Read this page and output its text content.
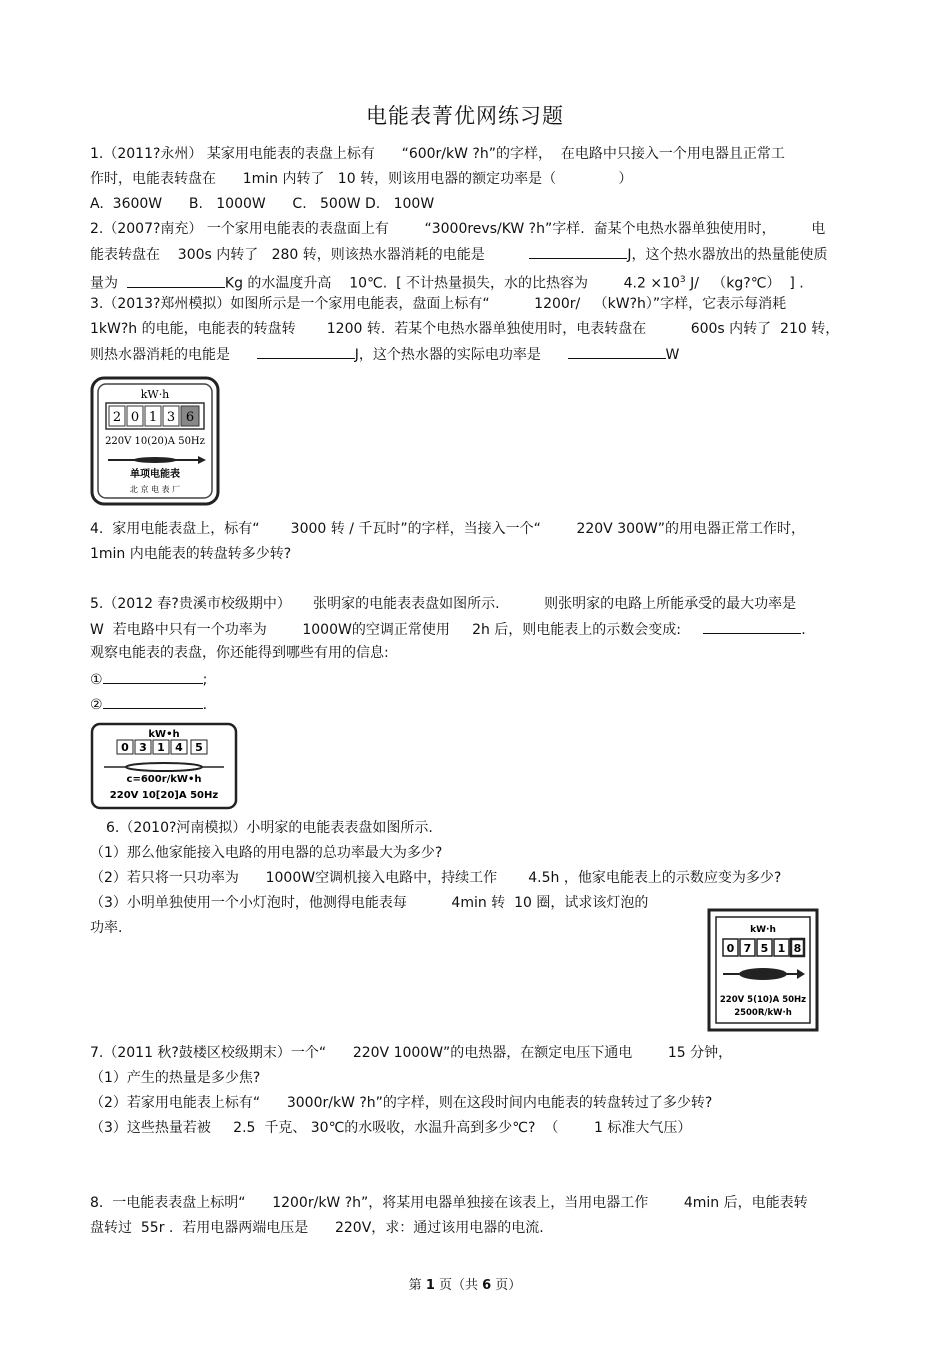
电能表菁优网练习题
1.（2011?永州） 某家用电能表的表盘上标有      “600r/kW ?h”的字样，  在电路中只接入一个用电器且正常工
作时，电能表转盘在      1min 内转了   10 转，则该用电器的额定功率是（              ）
A.  3600W      B.   1000W      C.   500W D.   100W
2.（2007?南充） 一个家用电能表的表盘面上有        “3000revs/KW ?h”字样.  奤某个电热水器单独使用时，        电
能表转盘在    300s 内转了   280 转，则该热水器消耗的电能是	J，这个热水器放出的热量能使质
量为	Kg 的水温度升高    10℃.  [ 不计热量损失，水的比热容为        $4.2 \times 10^3$ J/   （kg?℃）  ] .
3.（2013?郑州模拟）如图所示是一个家用电能表，盘面上标有“          1200r/   （kW?h）”字样，它表示每消耗
1kW?h 的电能，电能表的转盘转       1200 转.  若某个电热水器单独使用时，电表转盘在          600s 内转了  210 转，
则热水器消耗的电能是	J，这个热水器的实际电功率是	W
kW·h
2 0 1 3 6
220V 10(20)A 50Hz
单项电能表
北 京 电 表 厂
4.  家用电能表盘上，标有“       3000 转 / 千瓦时”的字样，当接入一个“        220V 300W”的用电器正常工作时，
1min 内电能表的转盘转多少转?
5.（2012 春?贵溪市校级期中）     张明家的电能表表盘如图所示.          则张明家的电路上所能承受的最大功率是
W  若电路中只有一个功率为        1000W的空调正常使用     2h 后，则电能表上的示数会变成:	.
观察电能表的表盘，你还能得到哪些有用的信息:
①	;
②	.
kW•h
0 3 1 4 5
c=600r/kW•h
220V 10[20]A 50Hz
6.（2010?河南模拟）小明家的电能表表盘如图所示.
（1）那么他家能接入电路的用电器的总功率最大为多少?
（2）若只将一只功率为      1000W空调机接入电路中，持续工作       4.5h ，他家电能表上的示数应变为多少?
（3）小明单独使用一个小灯泡时，他测得电能表每          4min 转  10 圈，试求该灯泡的
功率.	kW·h
0 7 5 1 8
220V 5(10)A 50Hz
2500R/kW·h
7.（2011 秋?鼓楼区校级期末）一个“      220V 1000W”的电热器，在额定电压下通电        15 分钟，
（1）产生的热量是多少焦?
（2）若家用电能表上标有“      3000r/kW ?h”的字样，则在这段时间内电能表的转盘转过了多少转?
（3）这些热量若被     2.5  千克、 30℃的水吸收，水温升高到多少℃?  （        1 标准大气压）
8.  一电能表表盘上标明“      1200r/kW ?h”，将某用电器单独接在该表上，当用电器工作        4min 后，电能表转
盘转过  55r .  若用电器两端电压是      220V，求：通过该用电器的电流.
第 1 页（共 6 页）
